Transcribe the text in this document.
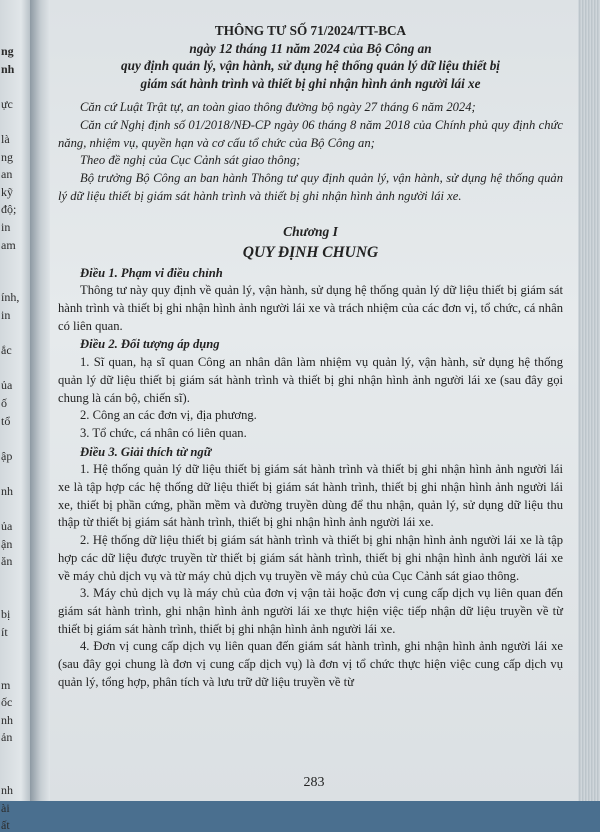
ng
nh
ực
là
ng
an
kỹ
độ;
in
am
ính,
in
ắc
ủa
ố
tổ
ập
nh
ủa
ận
ăn
bị
ít
m
ốc
nh
ản
nh
ài
ất
THÔNG TƯ SỐ 71/2024/TT-BCA
ngày 12 tháng 11 năm 2024 của Bộ Công an
quy định quản lý, vận hành, sử dụng hệ thống quản lý dữ liệu thiết bị
giám sát hành trình và thiết bị ghi nhận hình ảnh người lái xe

Căn cứ Luật Trật tự, an toàn giao thông đường bộ ngày 27 tháng 6 năm 2024;

Căn cứ Nghị định số 01/2018/NĐ-CP ngày 06 tháng 8 năm 2018 của Chính phủ quy định chức năng, nhiệm vụ, quyền hạn và cơ cấu tổ chức của Bộ Công an;

Theo đề nghị của Cục Cảnh sát giao thông;

Bộ trưởng Bộ Công an ban hành Thông tư quy định quản lý, vận hành, sử dụng hệ thống quản lý dữ liệu thiết bị giám sát hành trình và thiết bị ghi nhận hình ảnh người lái xe.

Chương I
QUY ĐỊNH CHUNG
Điều 1. Phạm vi điều chỉnh

Thông tư này quy định về quản lý, vận hành, sử dụng hệ thống quản lý dữ liệu thiết bị giám sát hành trình và thiết bị ghi nhận hình ảnh người lái xe và trách nhiệm của các đơn vị, tổ chức, cá nhân có liên quan.

Điều 2. Đối tượng áp dụng

1. Sĩ quan, hạ sĩ quan Công an nhân dân làm nhiệm vụ quản lý, vận hành, sử dụng hệ thống quản lý dữ liệu thiết bị giám sát hành trình và thiết bị ghi nhận hình ảnh người lái xe (sau đây gọi chung là cán bộ, chiến sĩ).

2. Công an các đơn vị, địa phương.

3. Tổ chức, cá nhân có liên quan.

Điều 3. Giải thích từ ngữ

1. Hệ thống quản lý dữ liệu thiết bị giám sát hành trình và thiết bị ghi nhận hình ảnh người lái xe là tập hợp các hệ thống dữ liệu thiết bị giám sát hành trình, thiết bị ghi nhận hình ảnh người lái xe, thiết bị phần cứng, phần mềm và đường truyền dùng để thu nhận, quản lý, sử dụng dữ liệu thu thập từ thiết bị giám sát hành trình, thiết bị ghi nhận hình ảnh người lái xe.

2. Hệ thống dữ liệu thiết bị giám sát hành trình và thiết bị ghi nhận hình ảnh người lái xe là tập hợp các dữ liệu được truyền từ thiết bị giám sát hành trình, thiết bị ghi nhận hình ảnh người lái xe về máy chủ dịch vụ và từ máy chủ dịch vụ truyền về máy chủ của Cục Cảnh sát giao thông.

3. Máy chủ dịch vụ là máy chủ của đơn vị vận tải hoặc đơn vị cung cấp dịch vụ liên quan đến giám sát hành trình, ghi nhận hình ảnh người lái xe thực hiện việc tiếp nhận dữ liệu truyền về từ thiết bị giám sát hành trình, thiết bị ghi nhận hình ảnh người lái xe.

4. Đơn vị cung cấp dịch vụ liên quan đến giám sát hành trình, ghi nhận hình ảnh người lái xe (sau đây gọi chung là đơn vị cung cấp dịch vụ) là đơn vị tổ chức thực hiện việc cung cấp dịch vụ quản lý, tổng hợp, phân tích và lưu trữ dữ liệu truyền về từ

283
